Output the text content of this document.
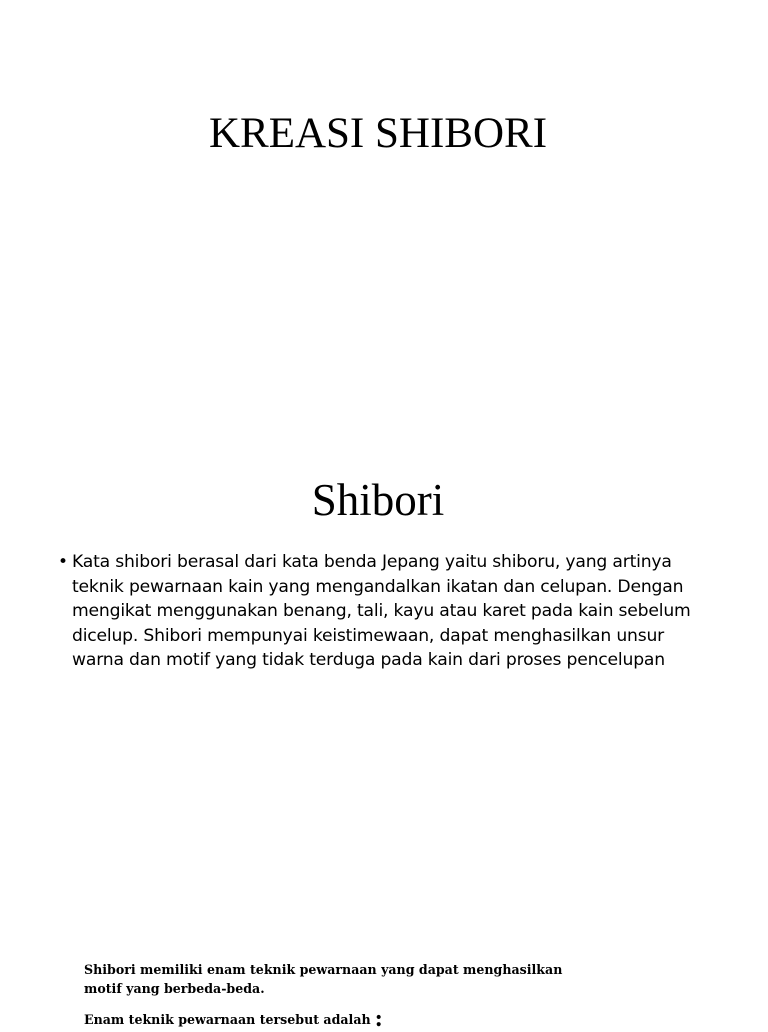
KREASI SHIBORI
Shibori
• Kata shibori berasal dari kata benda Jepang yaitu shiboru, yang artinya teknik pewarnaan kain yang mengandalkan ikatan dan celupan. Dengan mengikat menggunakan benang, tali, kayu atau karet pada kain sebelum dicelup. Shibori mempunyai keistimewaan, dapat menghasilkan unsur warna dan motif yang tidak terduga pada kain dari proses pencelupan

Shibori memiliki enam teknik pewarnaan yang dapat menghasilkan motif yang berbeda-beda.

Enam teknik pewarnaan tersebut adalah :
